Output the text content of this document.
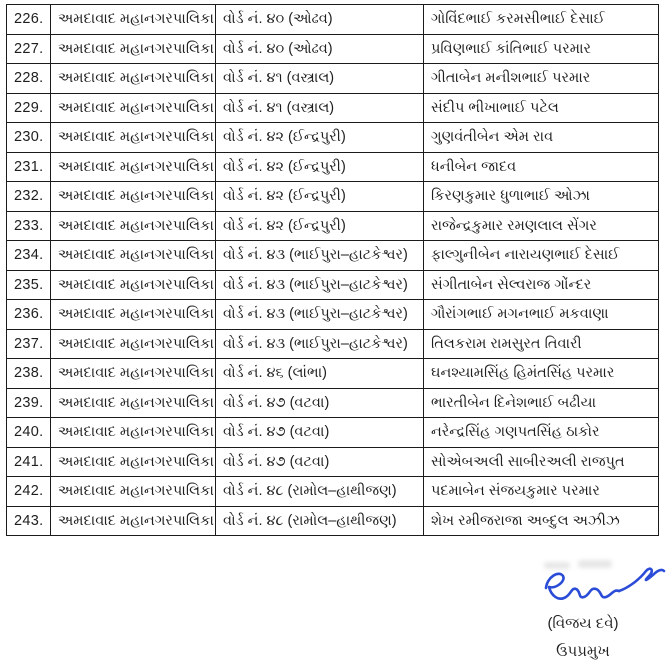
226.	અમદાવાદ મહાનગરપાલિકા	વોર્ડ નં. ૪૦ (ઓઢવ)	ગોવિંદભાઈ કરમસીભાઈ દેસાઈ
227.	અમદાવાદ મહાનગરપાલિકા	વોર્ડ નં. ૪૦ (ઓઢવ)	પ્રવિણભાઈ કાંતિભાઈ પરમાર
228.	અમદાવાદ મહાનગરપાલિકા	વોર્ડ નં. ૪૧ (વસ્ત્રાલ)	ગીતાબેન મનીશભાઈ પરમાર
229.	અમદાવાદ મહાનગરપાલિકા	વોર્ડ નં. ૪૧ (વસ્ત્રાલ)	સંદીપ ભીખાભાઈ પટેલ
230.	અમદાવાદ મહાનગરપાલિકા	વોર્ડ નં. ૪૨ (ઈન્દ્રપુરી)	ગુણવંતીબેન એમ રાવ
231.	અમદાવાદ મહાનગરપાલિકા	વોર્ડ નં. ૪૨ (ઈન્દ્રપુરી)	ધનીબેન જાદવ
232.	અમદાવાદ મહાનગરપાલિકા	વોર્ડ નં. ૪૨ (ઈન્દ્રપુરી)	કિરણકુમાર ધુળાભાઈ ઓઝા
233.	અમદાવાદ મહાનગરપાલિકા	વોર્ડ નં. ૪૨ (ઈન્દ્રપુરી)	રાજેન્દ્રકુમાર રમણલાલ સેંગર
234.	અમદાવાદ મહાનગરપાલિકા	વોર્ડ નં. ૪૩ (ભાઈપુરા–હાટકેશ્વર)	ફાલ્ગુનીબેન નારાયણભાઈ દેસાઈ
235.	અમદાવાદ મહાનગરપાલિકા	વોર્ડ નં. ૪૩ (ભાઈપુરા–હાટકેશ્વર)	સંગીતાબેન સેલ્વરાજ ગોંન્દર
236.	અમદાવાદ મહાનગરપાલિકા	વોર્ડ નં. ૪૩ (ભાઈપુરા–હાટકેશ્વર)	ગૌરાંગભાઈ મગનભાઈ મકવાણા
237.	અમદાવાદ મહાનગરપાલિકા	વોર્ડ નં. ૪૩ (ભાઈપુરા–હાટકેશ્વર)	તિલકરામ રામસુરત તિવારી
238.	અમદાવાદ મહાનગરપાલિકા	વોર્ડ નં. ૪૬ (લાંભા)	ઘનશ્યામસિંહ હિમંતસિંહ પરમાર
239.	અમદાવાદ મહાનગરપાલિકા	વોર્ડ નં. ૪૭ (વટવા)	ભારતીબેન દિનેશભાઈ બઢીયા
240.	અમદાવાદ મહાનગરપાલિકા	વોર્ડ નં. ૪૭ (વટવા)	નરેન્દ્રસિંહ ગણપતસિંહ ઠાકોર
241.	અમદાવાદ મહાનગરપાલિકા	વોર્ડ નં. ૪૭ (વટવા)	સોએબઅલી સાબીરઅલી રાજપુત
242.	અમદાવાદ મહાનગરપાલિકા	વોર્ડ નં. ૪૮ (રામોલ–હાથીજણ)	પદમાબેન સંજયકુમાર પરમાર
243.	અમદાવાદ મહાનગરપાલિકા	વોર્ડ નં. ૪૮ (રામોલ–હાથીજણ)	શેખ રમીજરાજા અબ્દુલ અઝીઝ
(વિજય દવે)
ઉપપ્રમુખ
